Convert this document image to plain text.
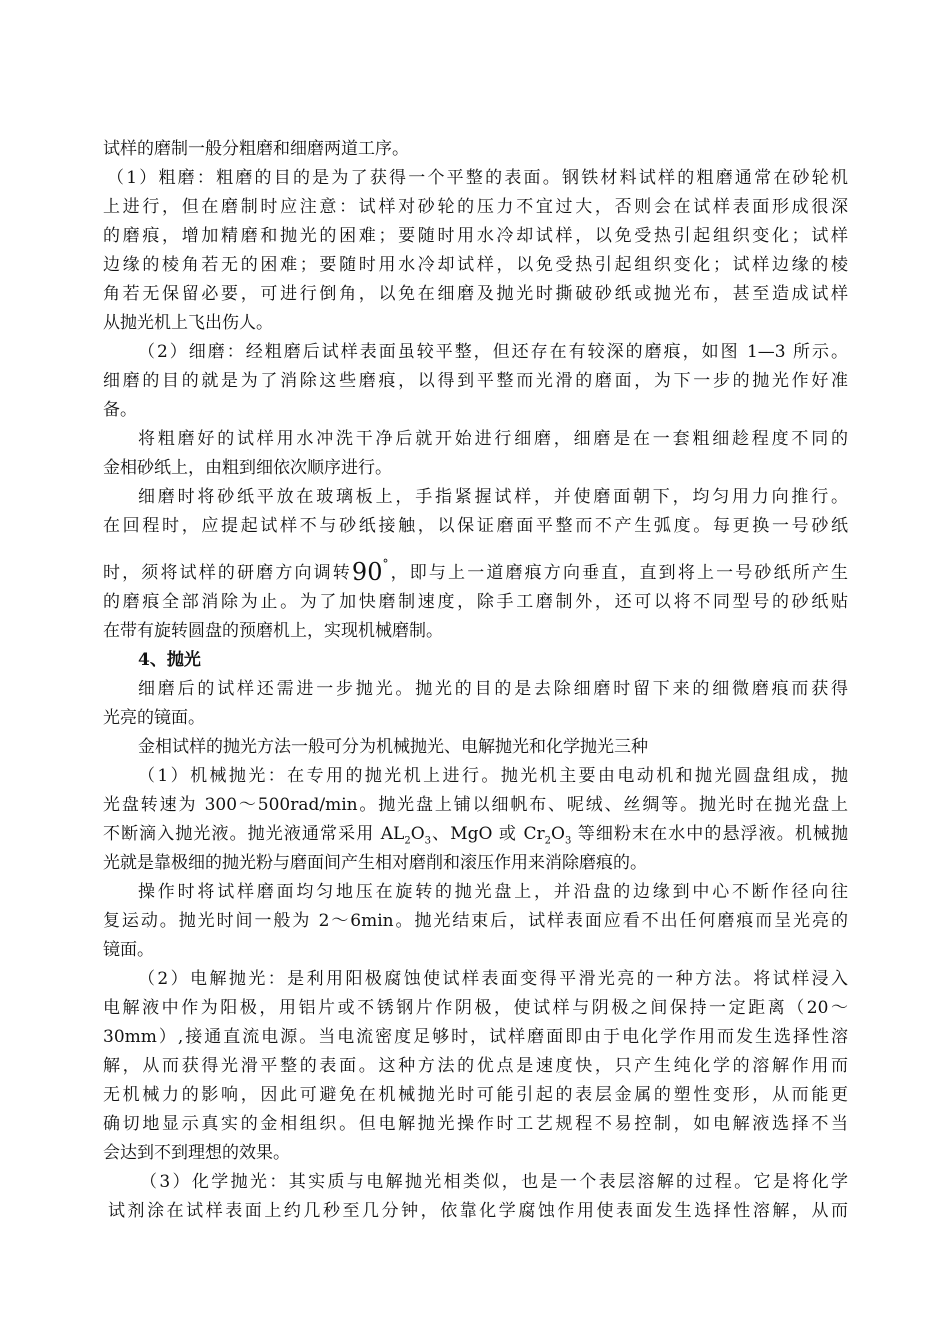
试样的磨制一般分粗磨和细磨两道工序。
（1）粗磨：粗磨的目的是为了获得一个平整的表面。钢铁材料试样的粗磨通常在砂轮机
上进行，但在磨制时应注意：试样对砂轮的压力不宜过大，否则会在试样表面形成很深
的磨痕，增加精磨和抛光的困难；要随时用水冷却试样，以免受热引起组织变化；试样
边缘的棱角若无的困难；要随时用水冷却试样，以免受热引起组织变化；试样边缘的棱
角若无保留必要，可进行倒角，以免在细磨及抛光时撕破砂纸或抛光布，甚至造成试样
从抛光机上飞出伤人。
（2）细磨：经粗磨后试样表面虽较平整，但还存在有较深的磨痕，如图 1—3 所示。
细磨的目的就是为了消除这些磨痕，以得到平整而光滑的磨面，为下一步的抛光作好准
备。
将粗磨好的试样用水冲洗干净后就开始进行细磨，细磨是在一套粗细趁程度不同的
金相砂纸上，由粗到细依次顺序进行。
细磨时将砂纸平放在玻璃板上，手指紧握试样，并使磨面朝下，均匀用力向推行。
在回程时，应提起试样不与砂纸接触，以保证磨面平整而不产生弧度。每更换一号砂纸
时，须将试样的研磨方向调转90°，即与上一道磨痕方向垂直，直到将上一号砂纸所产生
的磨痕全部消除为止。为了加快磨制速度，除手工磨制外，还可以将不同型号的砂纸贴
在带有旋转圆盘的预磨机上，实现机械磨制。
4、抛光
细磨后的试样还需进一步抛光。抛光的目的是去除细磨时留下来的细微磨痕而获得
光亮的镜面。
金相试样的抛光方法一般可分为机械抛光、电解抛光和化学抛光三种
（1）机械抛光：在专用的抛光机上进行。抛光机主要由电动机和抛光圆盘组成，抛
光盘转速为 300～500rad/min。抛光盘上铺以细帆布、呢绒、丝绸等。抛光时在抛光盘上
不断滴入抛光液。抛光液通常采用 $AL_2O_3$、MgO 或 $Cr_2O_3$ 等细粉末在水中的悬浮液。机械抛
光就是靠极细的抛光粉与磨面间产生相对磨削和滚压作用来消除磨痕的。
操作时将试样磨面均匀地压在旋转的抛光盘上，并沿盘的边缘到中心不断作径向往
复运动。抛光时间一般为 2～6min。抛光结束后，试样表面应看不出任何磨痕而呈光亮的
镜面。
（2）电解抛光：是利用阳极腐蚀使试样表面变得平滑光亮的一种方法。将试样浸入
电解液中作为阳极，用铝片或不锈钢片作阴极，使试样与阴极之间保持一定距离（20～
30mm）,接通直流电源。当电流密度足够时，试样磨面即由于电化学作用而发生选择性溶
解，从而获得光滑平整的表面。这种方法的优点是速度快，只产生纯化学的溶解作用而
无机械力的影响，因此可避免在机械抛光时可能引起的表层金属的塑性变形，从而能更
确切地显示真实的金相组织。但电解抛光操作时工艺规程不易控制，如电解液选择不当
会达到不到理想的效果。
（3）化学抛光：其实质与电解抛光相类似，也是一个表层溶解的过程。它是将化学
试剂涂在试样表面上约几秒至几分钟，依靠化学腐蚀作用使表面发生选择性溶解，从而
